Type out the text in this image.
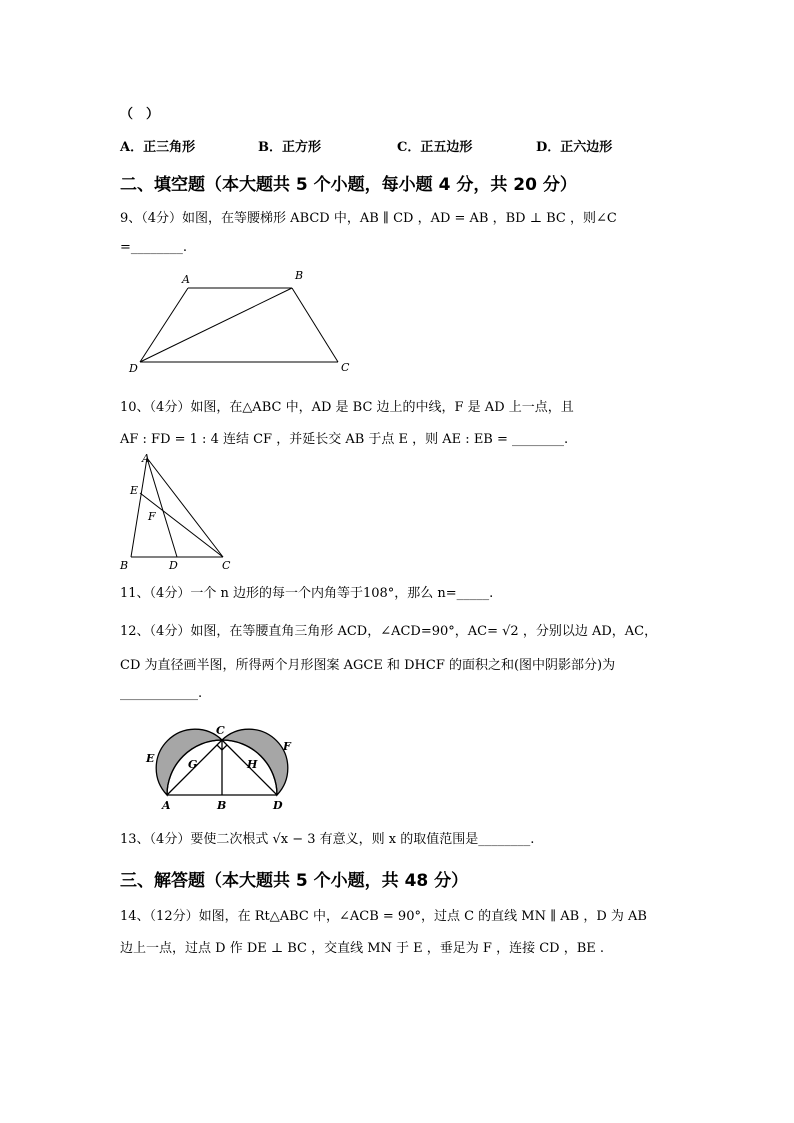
（　）
A．正三角形	B．正方形	C．正五边形	D．正六边形
二、填空题（本大题共 5 个小题，每小题 4 分，共 20 分）
9、（4分）如图，在等腰梯形 ABCD 中，AB ∥ CD ，AD = AB ，BD ⊥ BC ，则∠C
=________.
A	B
C
D
10、（4分）如图，在△ABC 中，AD 是 BC 边上的中线，F 是 AD 上一点，且
AF : FD = 1 : 4 连结 CF ，并延长交 AB 于点 E ，则 AE : EB = ________.
A
E
F
B	D	C
11、（4分）一个 n 边形的每一个内角等于108°，那么 n=_____.
12、（4分）如图，在等腰直角三角形 ACD，∠ACD=90°，AC= √2 ，分别以边 AD，AC，
CD 为直径画半图，所得两个月形图案 AGCE 和 DHCF 的面积之和(图中阴影部分)为
____________.
C
E
F
G	H
A	B	D
13、（4分）要使二次根式 √x − 3 有意义，则 x 的取值范围是________.
三、解答题（本大题共 5 个小题，共 48 分）
14、（12分）如图，在 Rt△ABC 中，∠ACB = 90°，过点 C 的直线 MN ∥ AB ，D 为 AB
边上一点，过点 D 作 DE ⊥ BC ，交直线 MN 于 E ，垂足为 F ，连接 CD ，BE .
